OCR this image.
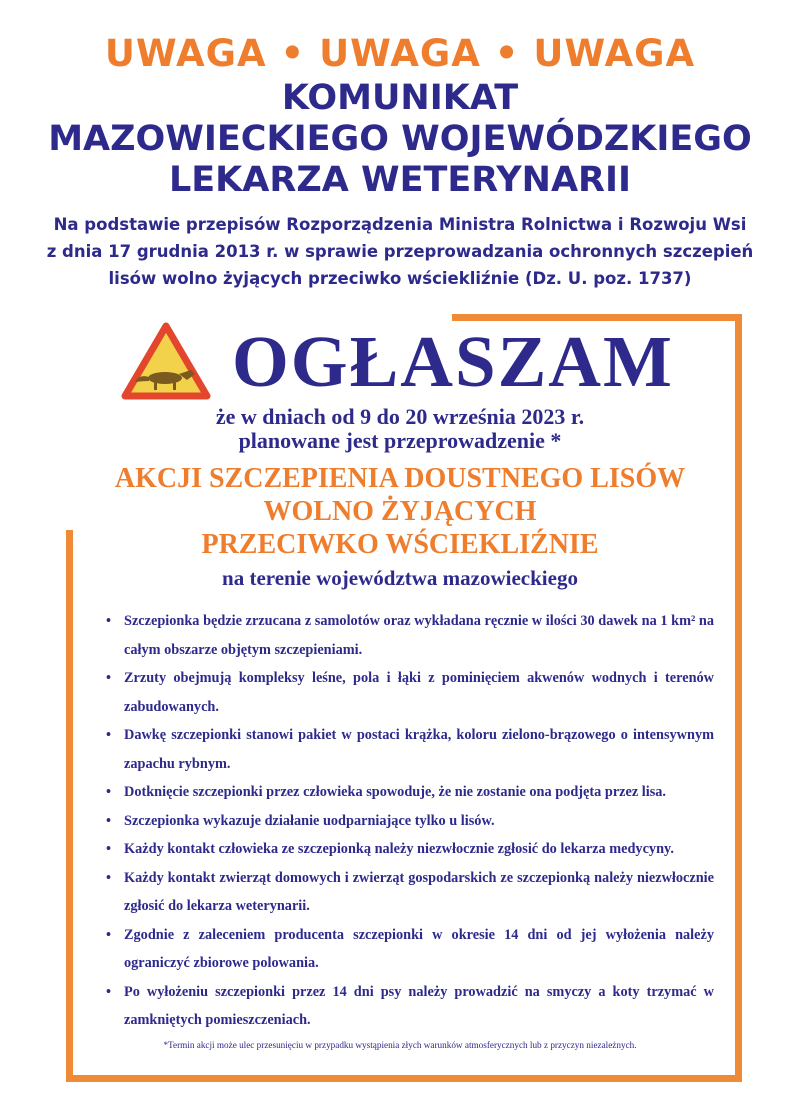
UWAGA • UWAGA • UWAGA
KOMUNIKAT
MAZOWIECKIEGO WOJEWÓDZKIEGO
LEKARZA WETERYNARII
Na podstawie przepisów Rozporządzenia Ministra Rolnictwa i Rozwoju Wsi
z dnia 17 grudnia 2013 r. w sprawie przeprowadzania ochronnych szczepień
lisów wolno żyjących przeciwko wściekliźnie (Dz. U. poz. 1737)
OGŁASZAM
że w dniach od 9 do 20 września 2023 r.
planowane jest przeprowadzenie *
AKCJI SZCZEPIENIA DOUSTNEGO LISÓW
WOLNO ŻYJĄCYCH
PRZECIWKO WŚCIEKLIŹNIE
na terenie województwa mazowieckiego
• Szczepionka będzie zrzucana z samolotów oraz wykładana ręcznie w ilości 30 dawek na 1 km² na całym obszarze objętym szczepieniami.
• Zrzuty obejmują kompleksy leśne, pola i łąki z pominięciem akwenów wodnych i terenów zabudowanych.
• Dawkę szczepionki stanowi pakiet w postaci krążka, koloru zielono-brązowego o intensywnym zapachu rybnym.
• Dotknięcie szczepionki przez człowieka spowoduje, że nie zostanie ona podjęta przez lisa.
• Szczepionka wykazuje działanie uodparniające tylko u lisów.
• Każdy kontakt człowieka ze szczepionką należy niezwłocznie zgłosić do lekarza medycyny.
• Każdy kontakt zwierząt domowych i zwierząt gospodarskich ze szczepionką należy niezwłocznie zgłosić do lekarza weterynarii.
• Zgodnie z zaleceniem producenta szczepionki w okresie 14 dni od jej wyłożenia należy ograniczyć zbiorowe polowania.
• Po wyłożeniu szczepionki przez 14 dni psy należy prowadzić na smyczy a koty trzymać w zamkniętych pomieszczeniach.
*Termin akcji może ulec przesunięciu w przypadku wystąpienia złych warunków atmosferycznych lub z przyczyn niezależnych.
